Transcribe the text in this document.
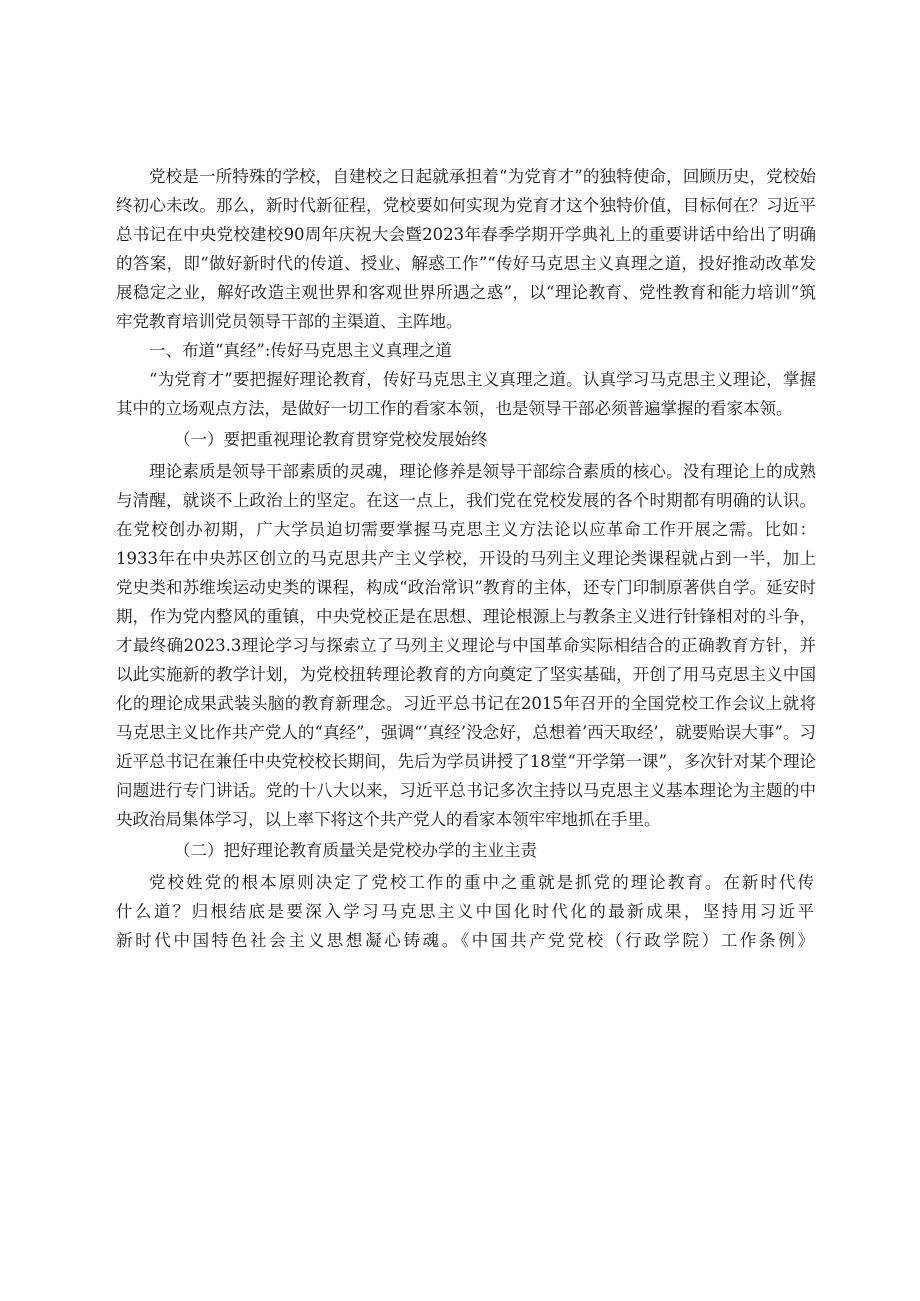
党校是一所特殊的学校，自建校之日起就承担着“为党育才”的独特使命，回顾历史，党校始终初心未改。那么，新时代新征程，党校要如何实现为党育才这个独特价值，目标何在？习近平总书记在中央党校建校90周年庆祝大会暨2023年春季学期开学典礼上的重要讲话中给出了明确的答案，即“做好新时代的传道、授业、解惑工作”“传好马克思主义真理之道，投好推动改革发展稳定之业，解好改造主观世界和客观世界所遇之惑”，以“理论教育、党性教育和能力培训”筑牢党教育培训党员领导干部的主渠道、主阵地。

一、布道“真经”:传好马克思主义真理之道

“为党育才”要把握好理论教育，传好马克思主义真理之道。认真学习马克思主义理论，掌握其中的立场观点方法，是做好一切工作的看家本领，也是领导干部必须普遍掌握的看家本领。

（一）要把重视理论教育贯穿党校发展始终

理论素质是领导干部素质的灵魂，理论修养是领导干部综合素质的核心。没有理论上的成熟与清醒，就谈不上政治上的坚定。在这一点上，我们党在党校发展的各个时期都有明确的认识。在党校创办初期，广大学员迫切需要掌握马克思主义方法论以应革命工作开展之需。比如：1933年在中央苏区创立的马克思共产主义学校，开设的马列主义理论类课程就占到一半，加上党史类和苏维埃运动史类的课程，构成“政治常识”教育的主体，还专门印制原著供自学。延安时期，作为党内整风的重镇，中央党校正是在思想、理论根源上与教条主义进行针锋相对的斗争，才最终确2023.3理论学习与探索立了马列主义理论与中国革命实际相结合的正确教育方针，并以此实施新的教学计划，为党校扭转理论教育的方向奠定了坚实基础，开创了用马克思主义中国化的理论成果武装头脑的教育新理念。习近平总书记在2015年召开的全国党校工作会议上就将马克思主义比作共产党人的“真经”，强调“’真经’没念好，总想着’西天取经’，就要贻误大事”。习近平总书记在兼任中央党校校长期间，先后为学员讲授了18堂“开学第一课”，多次针对某个理论问题进行专门讲话。党的十八大以来，习近平总书记多次主持以马克思主义基本理论为主题的中央政治局集体学习，以上率下将这个共产党人的看家本领牢牢地抓在手里。

（二）把好理论教育质量关是党校办学的主业主责

党校姓党的根本原则决定了党校工作的重中之重就是抓党的理论教育。在新时代传什么道？归根结底是要深入学习马克思主义中国化时代化的最新成果，坚持用习近平新时代中国特色社会主义思想凝心铸魂。《中国共产党党校（行政学院）工作条例》
